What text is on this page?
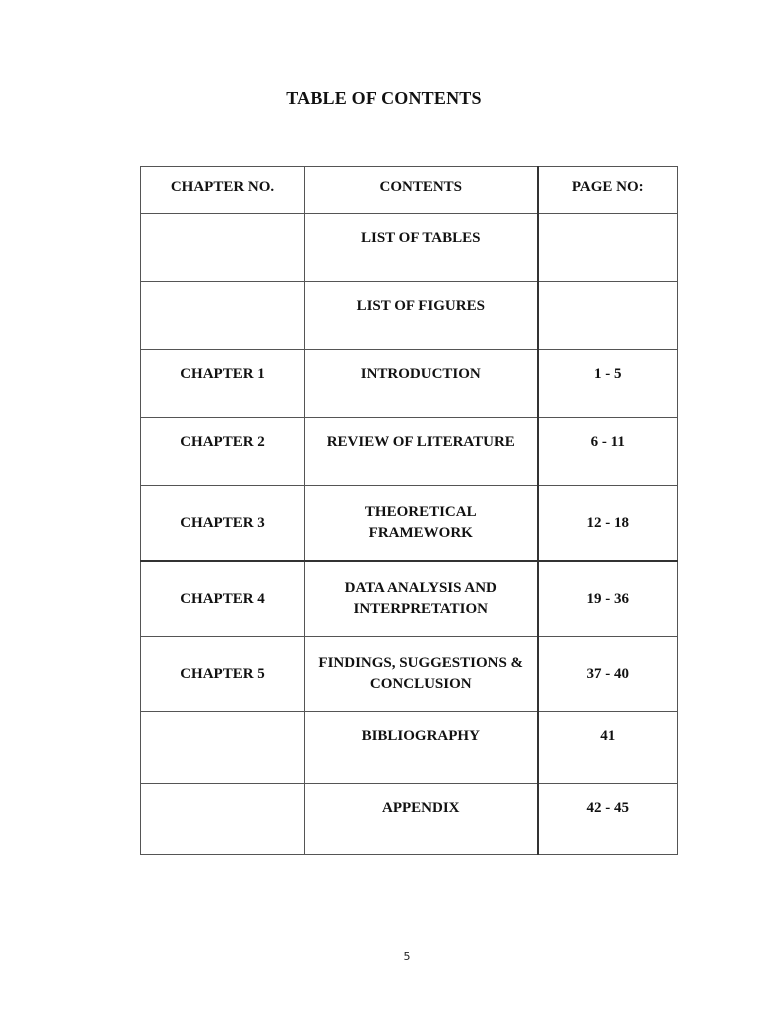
TABLE OF CONTENTS
CHAPTER NO.	CONTENTS	PAGE NO:
	LIST OF TABLES	
	LIST OF FIGURES	
CHAPTER 1	INTRODUCTION	1 - 5
CHAPTER 2	REVIEW OF LITERATURE	6 - 11
CHAPTER 3	THEORETICAL FRAMEWORK	12 - 18
CHAPTER 4	DATA ANALYSIS AND INTERPRETATION	19 - 36
CHAPTER 5	FINDINGS, SUGGESTIONS & CONCLUSION	37 - 40
	BIBLIOGRAPHY	41
	APPENDIX	42 - 45
5
